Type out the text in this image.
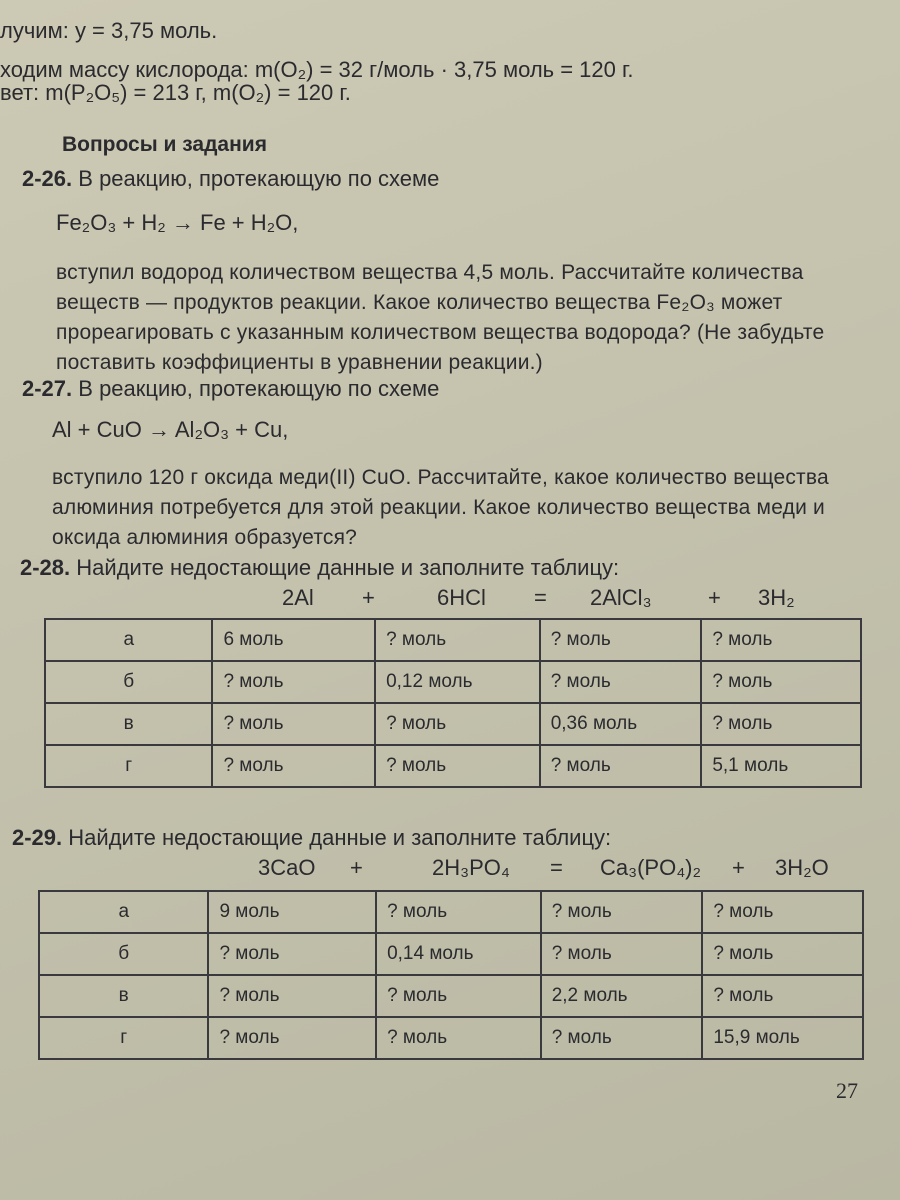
лучим: y = 3,75 моль.
ходим массу кислорода: m(O₂) = 32 г/моль · 3,75 моль = 120 г.
вет: m(P₂O₅) = 213 г, m(O₂) = 120 г.
Вопросы и задания
2-26. В реакцию, протекающую по схеме
Fe₂O₃ + H₂ → Fe + H₂O,
вступил водород количеством вещества 4,5 моль. Рассчитайте количества веществ — продуктов реакции. Какое количество вещества Fe₂O₃ может прореагировать с указанным количеством вещества водорода? (Не забудьте поставить коэффициенты в уравнении реакции.)
2-27. В реакцию, протекающую по схеме
Al + CuO → Al₂O₃ + Cu,
вступило 120 г оксида меди(II) CuO. Рассчитайте, какое количество вещества алюминия потребуется для этой реакции. Какое количество вещества меди и оксида алюминия образуется?
2-28. Найдите недостающие данные и заполните таблицу:
2Al +	6HCl = 2AlCl₃	+ 3H₂
а	6 моль	? моль	? моль	? моль
б	? моль	0,12 моль	? моль	? моль
в	? моль	? моль	0,36 моль	? моль
г	? моль	? моль	? моль	5,1 моль
2-29. Найдите недостающие данные и заполните таблицу:
3CaO +	2H₃PO₄ = Ca₃(PO₄)₂ + 3H₂O
а	9 моль	? моль	? моль	? моль
б	? моль	0,14 моль	? моль	? моль
в	? моль	? моль	2,2 моль	? моль
г	? моль	? моль	? моль	15,9 моль
27
